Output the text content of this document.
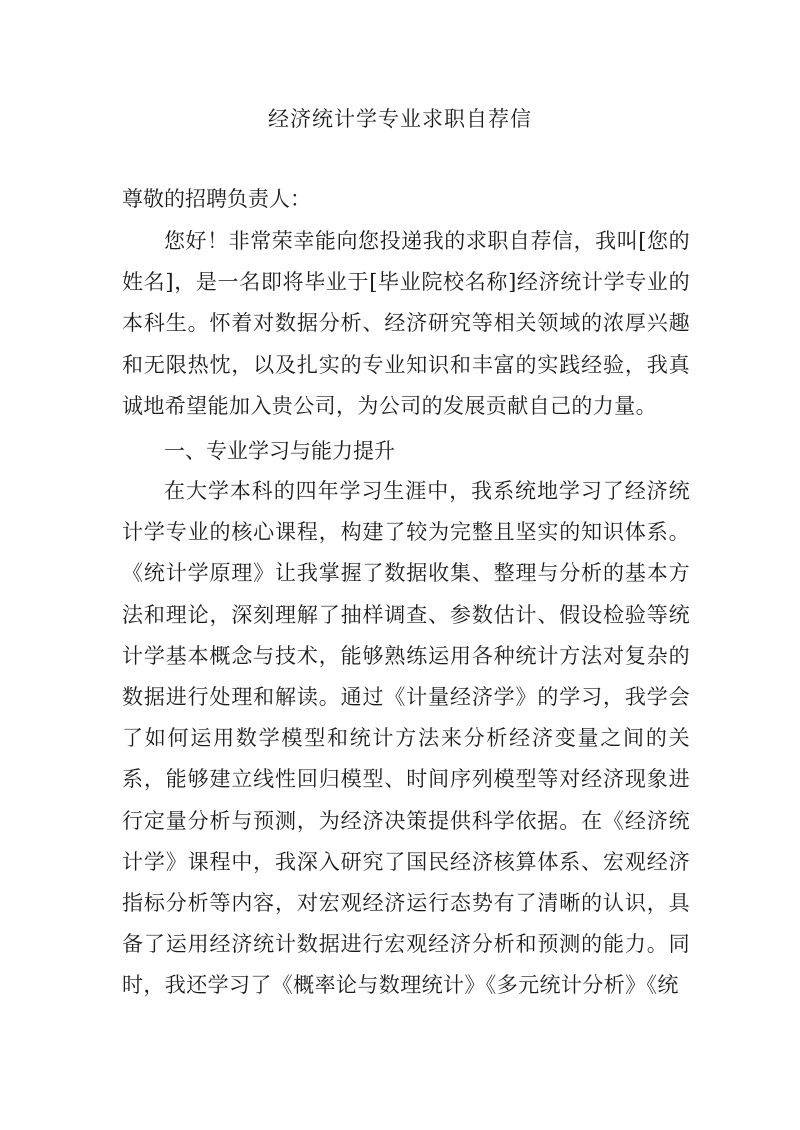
经济统计学专业求职自荐信
尊敬的招聘负责人：
您好！非常荣幸能向您投递我的求职自荐信，我叫[您的姓名]，是一名即将毕业于[毕业院校名称]经济统计学专业的本科生。怀着对数据分析、经济研究等相关领域的浓厚兴趣和无限热忱，以及扎实的专业知识和丰富的实践经验，我真诚地希望能加入贵公司，为公司的发展贡献自己的力量。
一、专业学习与能力提升
在大学本科的四年学习生涯中，我系统地学习了经济统计学专业的核心课程，构建了较为完整且坚实的知识体系。《统计学原理》让我掌握了数据收集、整理与分析的基本方法和理论，深刻理解了抽样调查、参数估计、假设检验等统计学基本概念与技术，能够熟练运用各种统计方法对复杂的数据进行处理和解读。通过《计量经济学》的学习，我学会了如何运用数学模型和统计方法来分析经济变量之间的关系，能够建立线性回归模型、时间序列模型等对经济现象进行定量分析与预测，为经济决策提供科学依据。在《经济统计学》课程中，我深入研究了国民经济核算体系、宏观经济指标分析等内容，对宏观经济运行态势有了清晰的认识，具备了运用经济统计数据进行宏观经济分析和预测的能力。同时，我还学习了《概率论与数理统计》《多元统计分析》《统
